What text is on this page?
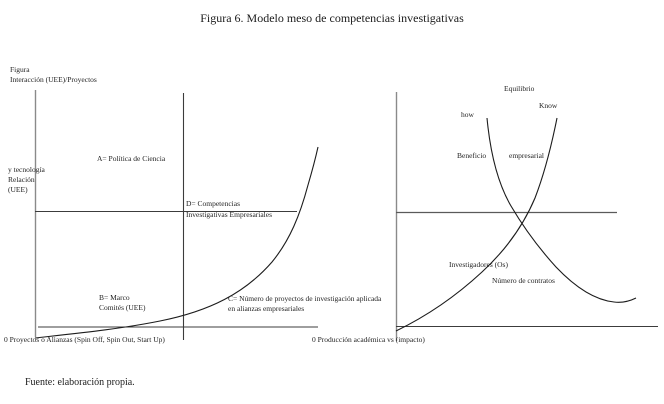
Figura 6. Modelo meso de competencias investigativas
Figura
Interacción (UEE)/Proyectos
y tecnología
Relación
(UEE)
A= Política de Ciencia
D= Competencias
Investigativas Empresariales
B= Marco
Comités (UEE)
C= Número de proyectos de investigación aplicada
en alianzas empresariales
0 Proyectos o Alianzas (Spin Off, Spin Out, Start Up)
Equilibrio
Know
how
Beneficio	empresarial
Investigadores (Os)
Número de contratos
0 Producción académica vs (impacto)
Fuente: elaboración propia.
